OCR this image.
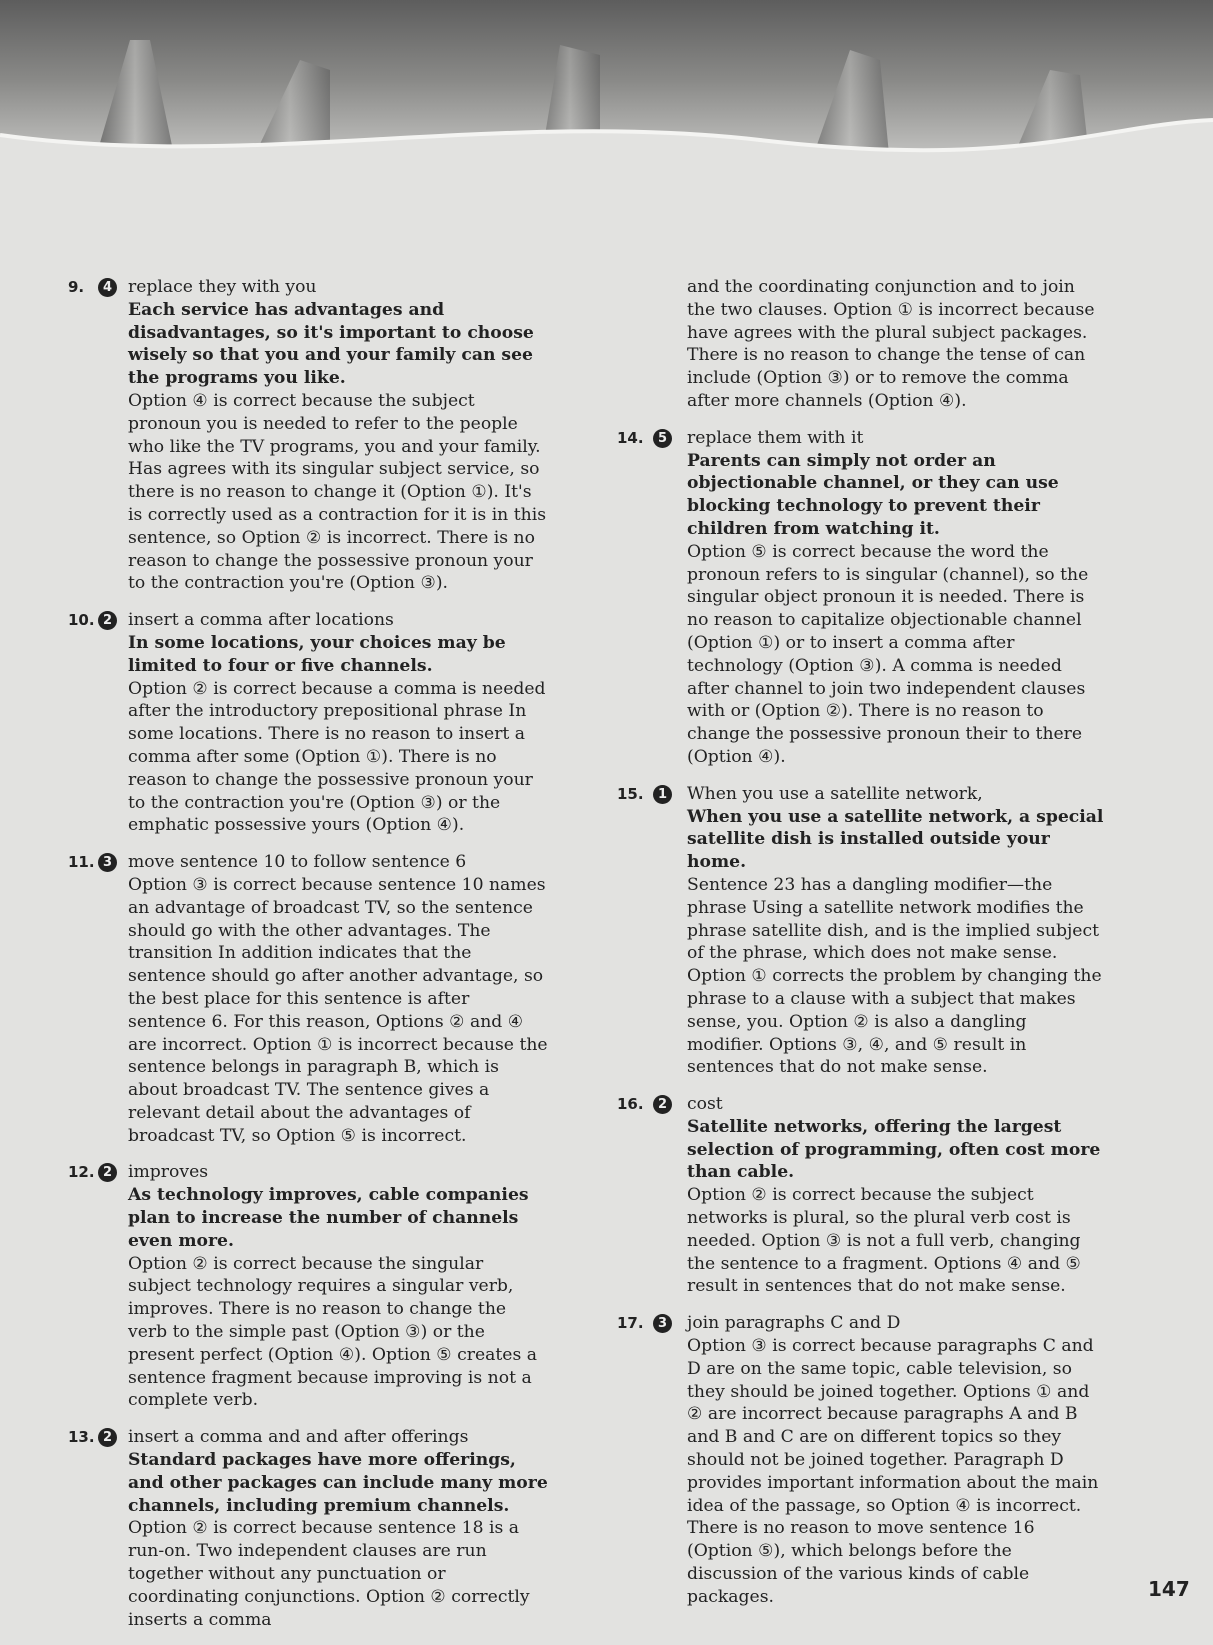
9.	4 replace they with you
Each service has advantages and disadvantages, so it's important to choose wisely so that you and your family can see the programs you like.
Option ④ is correct because the subject pronoun you is needed to refer to the people who like the TV programs, you and your family. Has agrees with its singular subject service, so there is no reason to change it (Option ①). It's is correctly used as a contraction for it is in this sentence, so Option ② is incorrect. There is no reason to change the possessive pronoun your to the contraction you're (Option ③).
10. 2 insert a comma after locations
In some locations, your choices may be limited to four or five channels.
Option ② is correct because a comma is needed after the introductory prepositional phrase In some locations. There is no reason to insert a comma after some (Option ①). There is no reason to change the possessive pronoun your to the contraction you're (Option ③) or the emphatic possessive yours (Option ④).
11. 3 move sentence 10 to follow sentence 6
Option ③ is correct because sentence 10 names an advantage of broadcast TV, so the sentence should go with the other advantages. The transition In addition indicates that the sentence should go after another advantage, so the best place for this sentence is after sentence 6. For this reason, Options ② and ④ are incorrect. Option ① is incorrect because the sentence belongs in paragraph B, which is about broadcast TV. The sentence gives a relevant detail about the advantages of broadcast TV, so Option ⑤ is incorrect.
12. 2 improves
As technology improves, cable companies plan to increase the number of channels even more.
Option ② is correct because the singular subject technology requires a singular verb, improves. There is no reason to change the verb to the simple past (Option ③) or the present perfect (Option ④). Option ⑤ creates a sentence fragment because improving is not a complete verb.
13. 2 insert a comma and and after offerings
Standard packages have more offerings, and other packages can include many more channels, including premium channels.
Option ② is correct because sentence 18 is a run-on. Two independent clauses are run together without any punctuation or coordinating conjunctions. Option ② correctly inserts a comma
and the coordinating conjunction and to join the two clauses. Option ① is incorrect because have agrees with the plural subject packages. There is no reason to change the tense of can include (Option ③) or to remove the comma after more channels (Option ④).
14.	5 replace them with it
Parents can simply not order an objectionable channel, or they can use blocking technology to prevent their children from watching it.
Option ⑤ is correct because the word the pronoun refers to is singular (channel), so the singular object pronoun it is needed. There is no reason to capitalize objectionable channel (Option ①) or to insert a comma after technology (Option ③). A comma is needed after channel to join two independent clauses with or (Option ②). There is no reason to change the possessive pronoun their to there (Option ④).
15.	1 When you use a satellite network,
When you use a satellite network, a special satellite dish is installed outside your home.
Sentence 23 has a dangling modifier—the phrase Using a satellite network modifies the phrase satellite dish, and is the implied subject of the phrase, which does not make sense. Option ① corrects the problem by changing the phrase to a clause with a subject that makes sense, you. Option ② is also a dangling modifier. Options ③, ④, and ⑤ result in sentences that do not make sense.
16.	2 cost
Satellite networks, offering the largest selection of programming, often cost more than cable.
Option ② is correct because the subject networks is plural, so the plural verb cost is needed. Option ③ is not a full verb, changing the sentence to a fragment. Options ④ and ⑤ result in sentences that do not make sense.
17.	3 join paragraphs C and D
Option ③ is correct because paragraphs C and D are on the same topic, cable television, so they should be joined together. Options ① and ② are incorrect because paragraphs A and B and B and C are on different topics so they should not be joined together. Paragraph D provides important information about the main idea of the passage, so Option ④ is incorrect. There is no reason to move sentence 16 (Option ⑤), which belongs before the discussion of the various kinds of cable packages.	147
